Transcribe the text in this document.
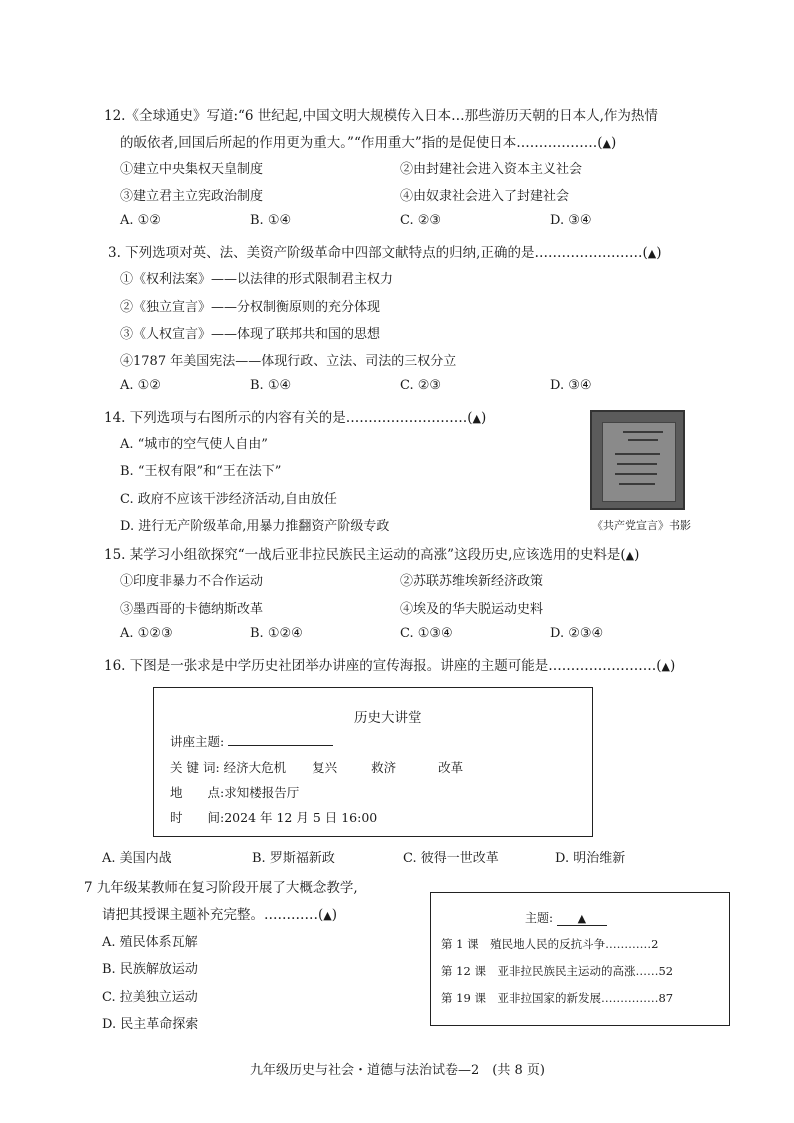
12.《全球通史》写道:“6 世纪起,中国文明大规模传入日本…那些游历天朝的日本人,作为热情
的皈依者,回国后所起的作用更为重大。”“作用重大”指的是促使日本………………(▲)
①建立中央集权天皇制度	②由封建社会进入资本主义社会
③建立君主立宪政治制度	④由奴隶社会进入了封建社会
A. ①②	B. ①④	C. ②③	D. ③④
3. 下列选项对英、法、美资产阶级革命中四部文献特点的归纳,正确的是……………………(▲)
①《权利法案》——以法律的形式限制君主权力
②《独立宣言》——分权制衡原则的充分体现
③《人权宣言》——体现了联邦共和国的思想
④1787 年美国宪法——体现行政、立法、司法的三权分立
A. ①②	B. ①④	C. ②③	D. ③④
14. 下列选项与右图所示的内容有关的是………………………(▲)
A. “城市的空气使人自由”
B. “王权有限”和“王在法下”
C. 政府不应该干涉经济活动,自由放任
D. 进行无产阶级革命,用暴力推翻资产阶级专政	《共产党宣言》书影
15. 某学习小组欲探究“一战后亚非拉民族民主运动的高涨”这段历史,应该选用的史料是(▲)
①印度非暴力不合作运动	②苏联苏维埃新经济政策
③墨西哥的卡德纳斯改革	④埃及的华夫脱运动史料
A. ①②③	B. ①②④	C. ①③④	D. ②③④
16. 下图是一张求是中学历史社团举办讲座的宣传海报。讲座的主题可能是……………………(▲)
历史大讲堂
讲座主题:
关 键 词: 经济大危机 复兴	救济	改革
地　　点:求知楼报告厅
时　　间:2024 年 12 月 5 日 16:00
A. 美国内战	B. 罗斯福新政	C. 彼得一世改革	D. 明治维新
7 九年级某教师在复习阶段开展了大概念教学,
请把其授课主题补充完整。…………(▲)
A. 殖民体系瓦解
B. 民族解放运动
C. 拉美独立运动
D. 民主革命探索
主题: ▲
第 1 课　殖民地人民的反抗斗争…………2
第 12 课　亚非拉民族民主运动的高涨……52
第 19 课　亚非拉国家的新发展……………87
九年级历史与社会・道德与法治试卷—2　(共 8 页)
